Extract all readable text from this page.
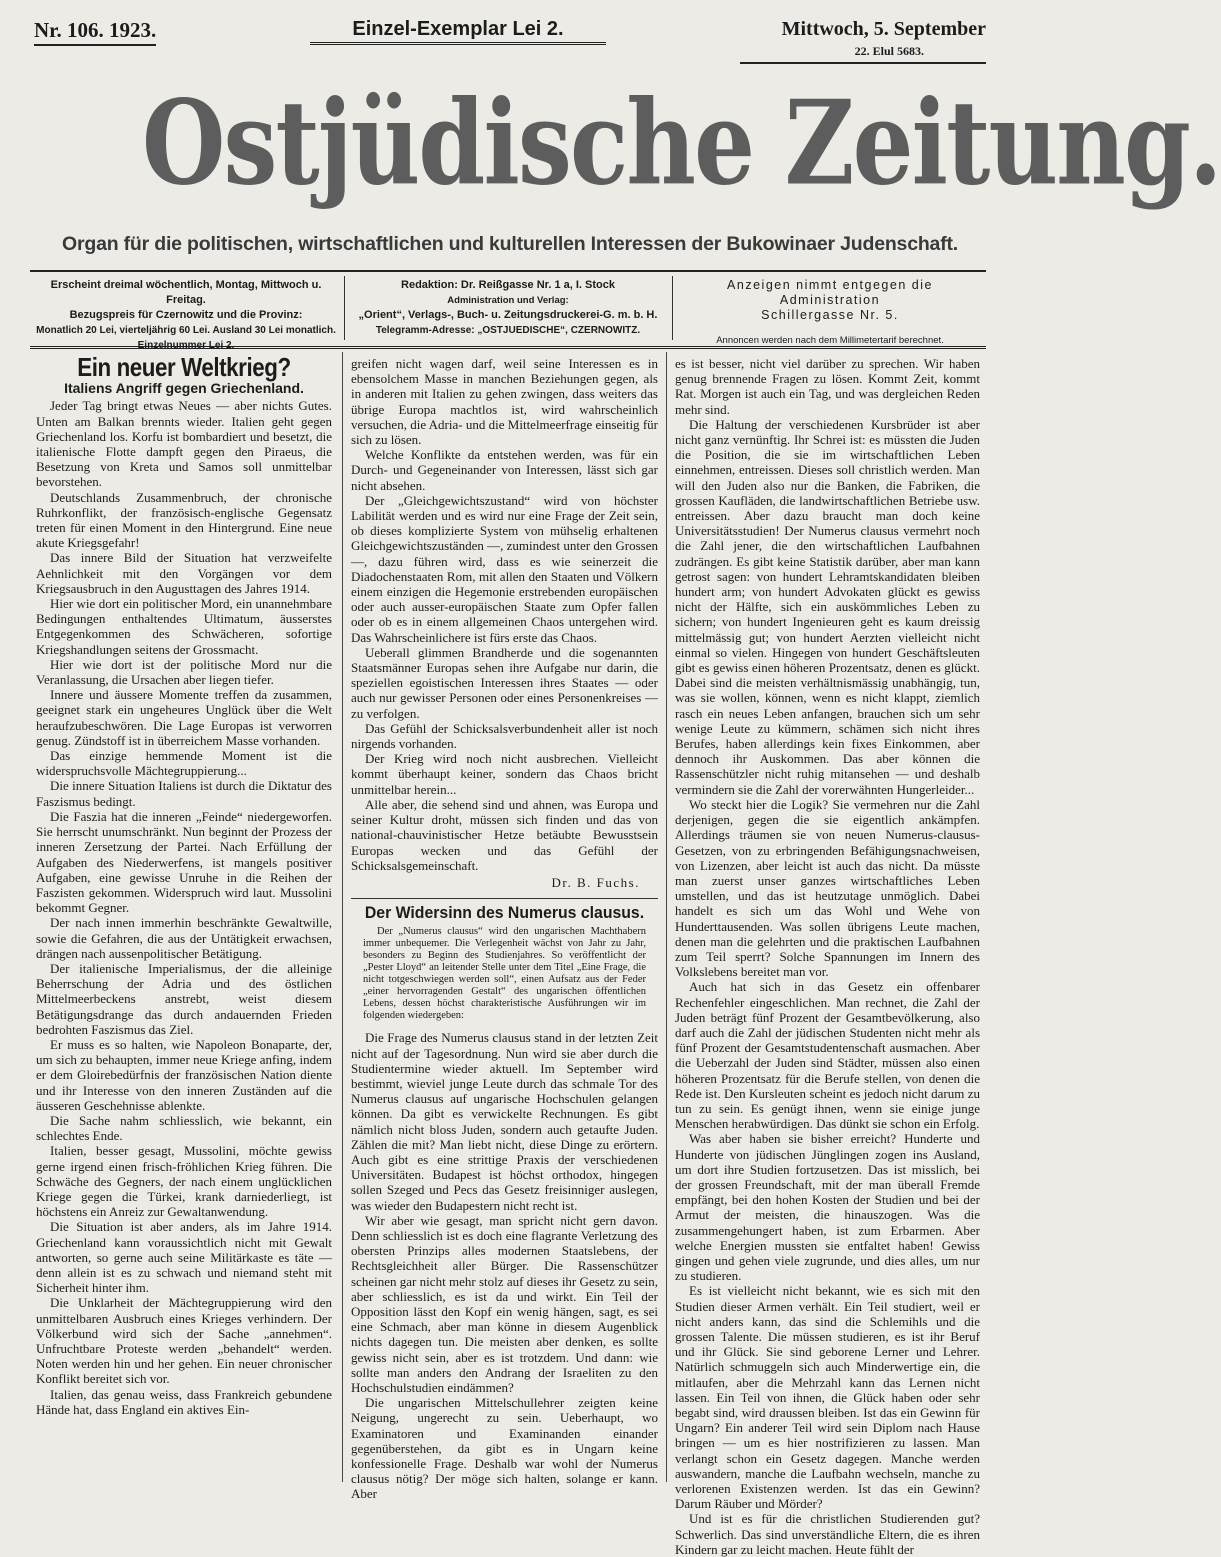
Nr. 106. 1923.	Einzel-Exemplar Lei 2.	Mittwoch, 5. September
22. Elul 5683.
Ostjüdische Zeitung.
Organ für die politischen, wirtschaftlichen und kulturellen Interessen der Bukowinaer Judenschaft.
Erscheint dreimal wöchentlich, Montag, Mittwoch u. Freitag.
Bezugspreis für Czernowitz und die Provinz:
Monatlich 20 Lei, vierteljährig 60 Lei. Ausland 30 Lei monatlich.
Einzelnummer Lei 2.
Redaktion: Dr. Reißgasse Nr. 1 a, I. Stock
Administration und Verlag:
„Orient“, Verlags-, Buch- u. Zeitungsdruckerei-G. m. b. H.
Telegramm-Adresse: „OSTJUEDISCHE“, CZERNOWITZ.
Anzeigen nimmt entgegen die Administration
Schillergasse Nr. 5.
Annoncen werden nach dem Millimetertarif berechnet.
Ein neuer Weltkrieg?
Italiens Angriff gegen Griechenland.

Jeder Tag bringt etwas Neues — aber nichts Gutes. Unten am Balkan brennts wieder. Italien geht gegen Griechenland los. Korfu ist bombardiert und besetzt, die italienische Flotte dampft gegen den Piraeus, die Besetzung von Kreta und Samos soll unmittelbar bevorstehen.

Deutschlands Zusammenbruch, der chronische Ruhrkonflikt, der französisch-englische Gegensatz treten für einen Moment in den Hintergrund. Eine neue akute Kriegsgefahr!

Das innere Bild der Situation hat verzweifelte Aehnlichkeit mit den Vorgängen vor dem Kriegsausbruch in den Augusttagen des Jahres 1914.

Hier wie dort ein politischer Mord, ein unannehmbare Bedingungen enthaltendes Ultimatum, äusserstes Entgegenkommen des Schwächeren, sofortige Kriegshandlungen seitens der Grossmacht.

Hier wie dort ist der politische Mord nur die Veranlassung, die Ursachen aber liegen tiefer.

Innere und äussere Momente treffen da zusammen, geeignet stark ein ungeheures Unglück über die Welt heraufzubeschwören. Die Lage Europas ist verworren genug. Zündstoff ist in überreichem Masse vorhanden.

Das einzige hemmende Moment ist die widerspruchsvolle Mächtegruppierung...

Die innere Situation Italiens ist durch die Diktatur des Faszismus bedingt.

Die Faszia hat die inneren „Feinde“ niedergeworfen. Sie herrscht unumschränkt. Nun beginnt der Prozess der inneren Zersetzung der Partei. Nach Erfüllung der Aufgaben des Niederwerfens, ist mangels positiver Aufgaben, eine gewisse Unruhe in die Reihen der Faszisten gekommen. Widerspruch wird laut. Mussolini bekommt Gegner.

Der nach innen immerhin beschränkte Gewaltwille, sowie die Gefahren, die aus der Untätigkeit erwachsen, drängen nach aussenpolitischer Betätigung.

Der italienische Imperialismus, der die alleinige Beherrschung der Adria und des östlichen Mittelmeerbeckens anstrebt, weist diesem Betätigungsdrange das durch andauernden Frieden bedrohten Faszismus das Ziel.

Er muss es so halten, wie Napoleon Bonaparte, der, um sich zu behaupten, immer neue Kriege anfing, indem er dem Gloirebedürfnis der französischen Nation diente und ihr Interesse von den inneren Zuständen auf die äusseren Geschehnisse ablenkte.

Die Sache nahm schliesslich, wie bekannt, ein schlechtes Ende.

Italien, besser gesagt, Mussolini, möchte gewiss gerne irgend einen frisch-fröhlichen Krieg führen. Die Schwäche des Gegners, der nach einem unglücklichen Kriege gegen die Türkei, krank darniederliegt, ist höchstens ein Anreiz zur Gewaltanwendung.

Die Situation ist aber anders, als im Jahre 1914. Griechenland kann voraussichtlich nicht mit Gewalt antworten, so gerne auch seine Militärkaste es täte — denn allein ist es zu schwach und niemand steht mit Sicherheit hinter ihm.

Die Unklarheit der Mächtegruppierung wird den unmittelbaren Ausbruch eines Krieges verhindern. Der Völkerbund wird sich der Sache „annehmen“. Unfruchtbare Proteste werden „behandelt“ werden. Noten werden hin und her gehen. Ein neuer chronischer Konflikt bereitet sich vor.

Italien, das genau weiss, dass Frankreich gebundene Hände hat, dass England ein aktives Ein-

greifen nicht wagen darf, weil seine Interessen es in ebensolchem Masse in manchen Beziehungen gegen, als in anderen mit Italien zu gehen zwingen, dass weiters das übrige Europa machtlos ist, wird wahrscheinlich versuchen, die Adria- und die Mittelmeerfrage einseitig für sich zu lösen.

Welche Konflikte da entstehen werden, was für ein Durch- und Gegeneinander von Interessen, lässt sich gar nicht absehen.

Der „Gleichgewichtszustand“ wird von höchster Labilität werden und es wird nur eine Frage der Zeit sein, ob dieses komplizierte System von mühselig erhaltenen Gleichgewichtszuständen —, zumindest unter den Grossen —, dazu führen wird, dass es wie seinerzeit die Diadochenstaaten Rom, mit allen den Staaten und Völkern einem einzigen die Hegemonie erstrebenden europäischen oder auch ausser-europäischen Staate zum Opfer fallen oder ob es in einem allgemeinen Chaos untergehen wird. Das Wahrscheinlichere ist fürs erste das Chaos.

Ueberall glimmen Brandherde und die sogenannten Staatsmänner Europas sehen ihre Aufgabe nur darin, die speziellen egoistischen Interessen ihres Staates — oder auch nur gewisser Personen oder eines Personenkreises — zu verfolgen.

Das Gefühl der Schicksalsverbundenheit aller ist noch nirgends vorhanden.

Der Krieg wird noch nicht ausbrechen. Vielleicht kommt überhaupt keiner, sondern das Chaos bricht unmittelbar herein...

Alle aber, die sehend sind und ahnen, was Europa und seiner Kultur droht, müssen sich finden und das von national-chauvinistischer Hetze betäubte Bewusstsein Europas wecken und das Gefühl der Schicksalsgemeinschaft.

Dr. B. Fuchs.
Der Widersinn des Numerus clausus.
Der „Numerus clausus“ wird den ungarischen Machthabern immer unbequemer. Die Verlegenheit wächst von Jahr zu Jahr, besonders zu Beginn des Studienjahres. So veröffentlicht der „Pester Lloyd“ an leitender Stelle unter dem Titel „Eine Frage, die nicht totgeschwiegen werden soll“, einen Aufsatz aus der Feder „einer hervorragenden Gestalt“ des ungarischen öffentlichen Lebens, dessen höchst charakteristische Ausführungen wir im folgenden wiedergeben:

Die Frage des Numerus clausus stand in der letzten Zeit nicht auf der Tagesordnung. Nun wird sie aber durch die Studientermine wieder aktuell. Im September wird bestimmt, wieviel junge Leute durch das schmale Tor des Numerus clausus auf ungarische Hochschulen gelangen können. Da gibt es verwickelte Rechnungen. Es gibt nämlich nicht bloss Juden, sondern auch getaufte Juden. Zählen die mit? Man liebt nicht, diese Dinge zu erörtern. Auch gibt es eine strittige Praxis der verschiedenen Universitäten. Budapest ist höchst orthodox, hingegen sollen Szeged und Pecs das Gesetz freisinniger auslegen, was wieder den Budapestern nicht recht ist.

Wir aber wie gesagt, man spricht nicht gern davon. Denn schliesslich ist es doch eine flagrante Verletzung des obersten Prinzips alles modernen Staatslebens, der Rechtsgleichheit aller Bürger. Die Rassenschützer scheinen gar nicht mehr stolz auf dieses ihr Gesetz zu sein, aber schliesslich, es ist da und wirkt. Ein Teil der Opposition lässt den Kopf ein wenig hängen, sagt, es sei eine Schmach, aber man könne in diesem Augenblick nichts dagegen tun. Die meisten aber denken, es sollte gewiss nicht sein, aber es ist trotzdem. Und dann: wie sollte man anders den Andrang der Israeliten zu den Hochschulstudien eindämmen?

Die ungarischen Mittelschullehrer zeigten keine Neigung, ungerecht zu sein. Ueberhaupt, wo Examinatoren und Examinanden einander gegenüberstehen, da gibt es in Ungarn keine konfessionelle Frage. Deshalb war wohl der Numerus clausus nötig? Der möge sich halten, solange er kann. Aber

es ist besser, nicht viel darüber zu sprechen. Wir haben genug brennende Fragen zu lösen. Kommt Zeit, kommt Rat. Morgen ist auch ein Tag, und was dergleichen Reden mehr sind.

Die Haltung der verschiedenen Kursbrüder ist aber nicht ganz vernünftig. Ihr Schrei ist: es müssten die Juden die Position, die sie im wirtschaftlichen Leben einnehmen, entreissen. Dieses soll christlich werden. Man will den Juden also nur die Banken, die Fabriken, die grossen Kaufläden, die landwirtschaftlichen Betriebe usw. entreissen. Aber dazu braucht man doch keine Universitätsstudien! Der Numerus clausus vermehrt noch die Zahl jener, die den wirtschaftlichen Laufbahnen zudrängen. Es gibt keine Statistik darüber, aber man kann getrost sagen: von hundert Lehramtskandidaten bleiben hundert arm; von hundert Advokaten glückt es gewiss nicht der Hälfte, sich ein auskömmliches Leben zu sichern; von hundert Ingenieuren geht es kaum dreissig mittelmässig gut; von hundert Aerzten vielleicht nicht einmal so vielen. Hingegen von hundert Geschäftsleuten gibt es gewiss einen höheren Prozentsatz, denen es glückt. Dabei sind die meisten verhältnismässig unabhängig, tun, was sie wollen, können, wenn es nicht klappt, ziemlich rasch ein neues Leben anfangen, brauchen sich um sehr wenige Leute zu kümmern, schämen sich nicht ihres Berufes, haben allerdings kein fixes Einkommen, aber dennoch ihr Auskommen. Das aber können die Rassenschützler nicht ruhig mitansehen — und deshalb vermindern sie die Zahl der vorerwähnten Hungerleider...

Wo steckt hier die Logik? Sie vermehren nur die Zahl derjenigen, gegen die sie eigentlich ankämpfen. Allerdings träumen sie von neuen Numerus-clausus-Gesetzen, von zu erbringenden Befähigungsnachweisen, von Lizenzen, aber leicht ist auch das nicht. Da müsste man zuerst unser ganzes wirtschaftliches Leben umstellen, und das ist heutzutage unmöglich. Dabei handelt es sich um das Wohl und Wehe von Hunderttausenden. Was sollen übrigens Leute machen, denen man die gelehrten und die praktischen Laufbahnen zum Teil sperrt? Solche Spannungen im Innern des Volkslebens bereitet man vor.

Auch hat sich in das Gesetz ein offenbarer Rechenfehler eingeschlichen. Man rechnet, die Zahl der Juden beträgt fünf Prozent der Gesamtbevölkerung, also darf auch die Zahl der jüdischen Studenten nicht mehr als fünf Prozent der Gesamtstudentenschaft ausmachen. Aber die Ueberzahl der Juden sind Städter, müssen also einen höheren Prozentsatz für die Berufe stellen, von denen die Rede ist. Den Kursleuten scheint es jedoch nicht darum zu tun zu sein. Es genügt ihnen, wenn sie einige junge Menschen herabwürdigen. Das dünkt sie schon ein Erfolg.

Was aber haben sie bisher erreicht? Hunderte und Hunderte von jüdischen Jünglingen zogen ins Ausland, um dort ihre Studien fortzusetzen. Das ist misslich, bei der grossen Freundschaft, mit der man überall Fremde empfängt, bei den hohen Kosten der Studien und bei der Armut der meisten, die hinauszogen. Was die zusammengehungert haben, ist zum Erbarmen. Aber welche Energien mussten sie entfaltet haben! Gewiss gingen und gehen viele zugrunde, und dies alles, um nur zu studieren.

Es ist vielleicht nicht bekannt, wie es sich mit den Studien dieser Armen verhält. Ein Teil studiert, weil er nicht anders kann, das sind die Schlemihls und die grossen Talente. Die müssen studieren, es ist ihr Beruf und ihr Glück. Sie sind geborene Lerner und Lehrer. Natürlich schmuggeln sich auch Minderwertige ein, die mitlaufen, aber die Mehrzahl kann das Lernen nicht lassen. Ein Teil von ihnen, die Glück haben oder sehr begabt sind, wird draussen bleiben. Ist das ein Gewinn für Ungarn? Ein anderer Teil wird sein Diplom nach Hause bringen — um es hier nostrifizieren zu lassen. Man verlangt schon ein Gesetz dagegen. Manche werden auswandern, manche die Laufbahn wechseln, manche zu verlorenen Existenzen werden. Ist das ein Gewinn? Darum Räuber und Mörder?

Und ist es für die christlichen Studierenden gut? Schwerlich. Das sind unverständliche Eltern, die es ihren Kindern gar zu leicht machen. Heute fühlt der
